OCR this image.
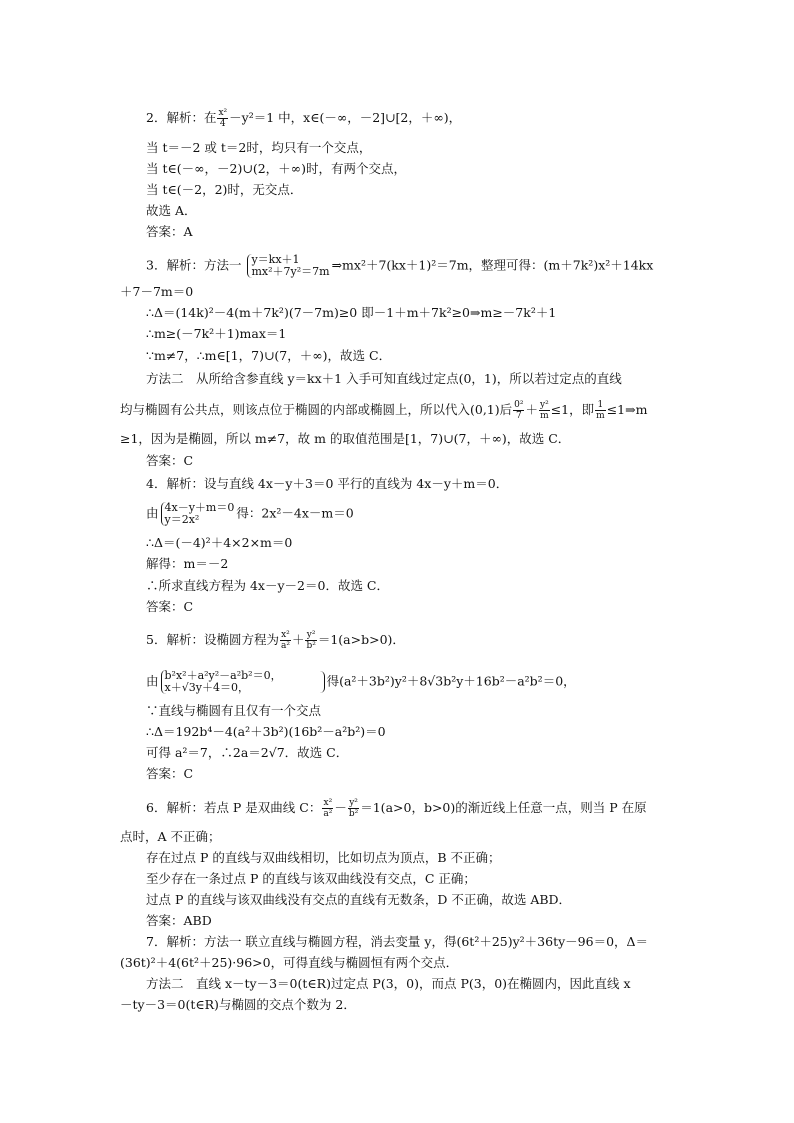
2．解析：在 $\frac{\text{x²}}{4} -y^2=1$ 中，x∈(－∞，－2]∪[2，＋∞)，
当 t＝－2 或 t＝2时，均只有一个交点，
当 t∈(－∞，－2)∪(2，＋∞)时，有两个交点，
当 t∈(－2，2)时，无交点．
故选 A．
答案：A
3．解析：方法一 y＝kx＋1
mx²＋7y²＝7m ⇒mx²＋7(kx＋1)²＝7m，整理可得：(m＋7k²)x²＋14kx
＋7－7m＝0
∴Δ＝(14k)²－4(m＋7k²)(7－7m)≥0 即－1＋m＋7k²≥0⇒m≥－7k²＋1
∴m≥(－7k²＋1)max＝1
∵m≠7，∴m∈[1，7)∪(7，＋∞)，故选 C．
方法二　从所给含参直线 y＝kx＋1 入手可知直线过定点(0，1)，所以若过定点的直线
均与椭圆有公共点，则该点位于椭圆的内部或椭圆上，所以代入(0,1)后 $\frac{\text{0²}}{7} + \frac{\text{y²}}{m} \le 1$，即 $\frac{1}{m}$ ≤1⇒m
≥1，因为是椭圆，所以 m≠7，故 m 的取值范围是[1，7)∪(7，＋∞)，故选 C．
答案：C
4．解析：设与直线 4x－y＋3＝0 平行的直线为 4x－y＋m＝0．
由 4x－y＋m＝0
y＝2x²	得：2x²－4x－m＝0
∴Δ＝(－4)²＋4×2×m＝0
解得：m＝－2
∴所求直线方程为 4x－y－2＝0．故选 C．
答案：C
5．解析：设椭圆方程为 $\frac{\text{x²}}{\text{a²}} + \frac{\text{y²}}{\text{b²}} =1(a>b>0)$．
由 b²x²＋a²y²－a²b²＝0，
x＋√3y＋4＝0，	得(a²＋3b²)y²＋8√3b²y＋16b²－a²b²＝0，
∵直线与椭圆有且仅有一个交点
∴Δ＝192b⁴－4(a²＋3b²)(16b²－a²b²)＝0
可得 a²＝7，∴2a＝2√7．故选 C．
答案：C
6．解析：若点 P 是双曲线 C： $\frac{\text{x²}}{\text{a²}} - \frac{\text{y²}}{\text{b²}} =1(a>0$，b>0)的渐近线上任意一点，则当 P 在原
点时，A 不正确；
存在过点 P 的直线与双曲线相切，比如切点为顶点，B 不正确；
至少存在一条过点 P 的直线与该双曲线没有交点，C 正确；
过点 P 的直线与该双曲线没有交点的直线有无数条，D 不正确，故选 ABD．
答案：ABD
7．解析：方法一 联立直线与椭圆方程，消去变量 y，得(6t²＋25)y²＋36ty－96＝0，Δ＝
(36t)²＋4(6t²＋25)·96>0，可得直线与椭圆恒有两个交点．
方法二　直线 x－ty－3＝0(t∈R)过定点 P(3，0)，而点 P(3，0)在椭圆内，因此直线 x
－ty－3＝0(t∈R)与椭圆的交点个数为 2．
